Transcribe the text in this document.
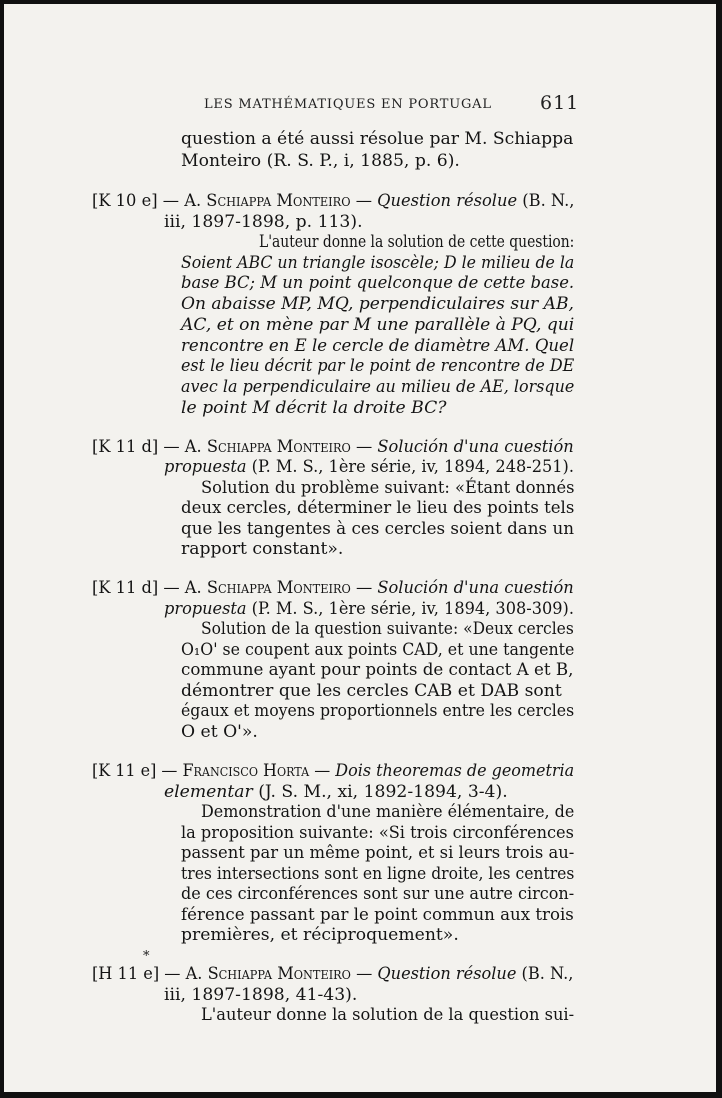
LES MATHÉMATIQUES EN PORTUGAL	611
question a été aussi résolue par M. Schiappa
Monteiro (R. S. P., i, 1885, p. 6).
[K 10 e] — A. Schiappa Monteiro — Question résolue (B. N.,
iii, 1897-1898, p. 113).
L'auteur donne la solution de cette question:
Soient ABC un triangle isoscèle; D le milieu de la
base BC; M un point quelconque de cette base.
On abaisse MP, MQ, perpendiculaires sur AB,
AC, et on mène par M une parallèle à PQ, qui
rencontre en E le cercle de diamètre AM. Quel
est le lieu décrit par le point de rencontre de DE
avec la perpendiculaire au milieu de AE, lorsque
le point M décrit la droite BC?
[K 11 d] — A. Schiappa Monteiro — Solución d'una cuestión
propuesta (P. M. S., 1ère série, iv, 1894, 248-251).
Solution du problème suivant: «Étant donnés
deux cercles, déterminer le lieu des points tels
que les tangentes à ces cercles soient dans un
rapport constant».
[K 11 d] — A. Schiappa Monteiro — Solución d'una cuestión
propuesta (P. M. S., 1ère série, iv, 1894, 308-309).
Solution de la question suivante: «Deux cercles
O₁O' se coupent aux points CAD, et une tangente
commune ayant pour points de contact A et B,
démontrer que les cercles CAB et DAB sont
égaux et moyens proportionnels entre les cercles
O et O'».
[K 11 e] — Francisco Horta — Dois theoremas de geometria
elementar (J. S. M., xi, 1892-1894, 3-4).
Demonstration d'une manière élémentaire, de
la proposition suivante: «Si trois circonférences
passent par un même point, et si leurs trois au-
tres intersections sont en ligne droite, les centres
de ces circonférences sont sur une autre circon-
férence passant par le point commun aux trois
premières, et réciproquement».
[H 11 e] — A. Schiappa Monteiro — Question résolue (B. N.,
iii, 1897-1898, 41-43).
L'auteur donne la solution de la question sui-
*
